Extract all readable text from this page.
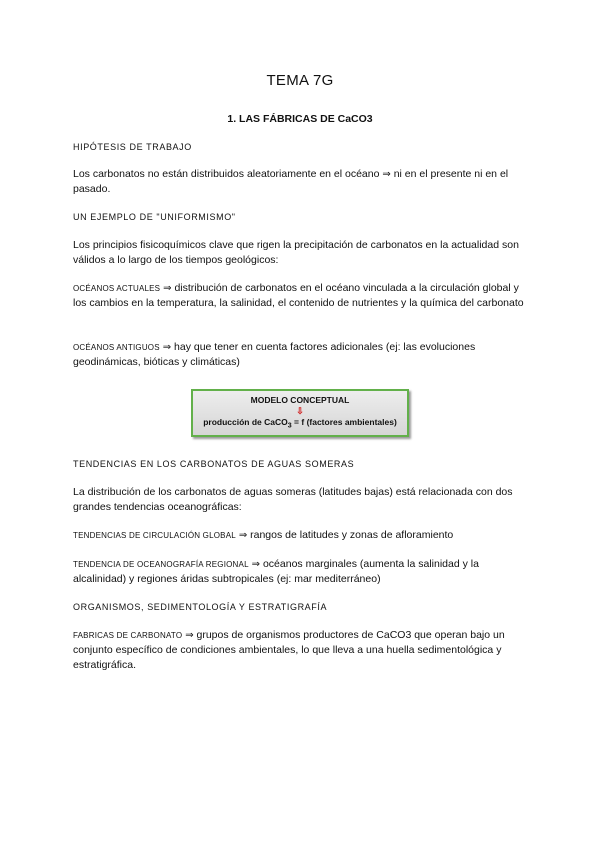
TEMA 7G
1. LAS FÁBRICAS DE CaCO3
HIPÓTESIS DE TRABAJO
Los carbonatos no están distribuidos aleatoriamente en el océano ⇒ ni en el presente ni en el pasado.
UN EJEMPLO DE "UNIFORMISMO"
Los principios fisicoquímicos clave que rigen la precipitación de carbonatos en la actualidad son válidos a lo largo de los tiempos geológicos:
OCÉANOS ACTUALES ⇒ distribución de carbonatos en el océano vinculada a la circulación global y los cambios en la temperatura, la salinidad, el contenido de nutrientes y la química del carbonato
OCÉANOS ANTIGUOS ⇒ hay que tener en cuenta factores adicionales (ej: las evoluciones geodinámicas, bióticas y climáticas)
MODELO CONCEPTUAL
⇩
producción de CaCO$_3$ = f (factores ambientales)
TENDENCIAS EN LOS CARBONATOS DE AGUAS SOMERAS
La distribución de los carbonatos de aguas someras (latitudes bajas) está relacionada con dos grandes tendencias oceanográficas:
TENDENCIAS DE CIRCULACIÓN GLOBAL ⇒ rangos de latitudes y zonas de afloramiento
TENDENCIA DE OCEANOGRAFÍA REGIONAL ⇒ océanos marginales (aumenta la salinidad y la alcalinidad) y regiones áridas subtropicales (ej: mar mediterráneo)
ORGANISMOS, SEDIMENTOLOGÍA Y ESTRATIGRAFÍA
FABRICAS DE CARBONATO ⇒ grupos de organismos productores de CaCO3 que operan bajo un conjunto específico de condiciones ambientales, lo que lleva a una huella sedimentológica y estratigráfica.
